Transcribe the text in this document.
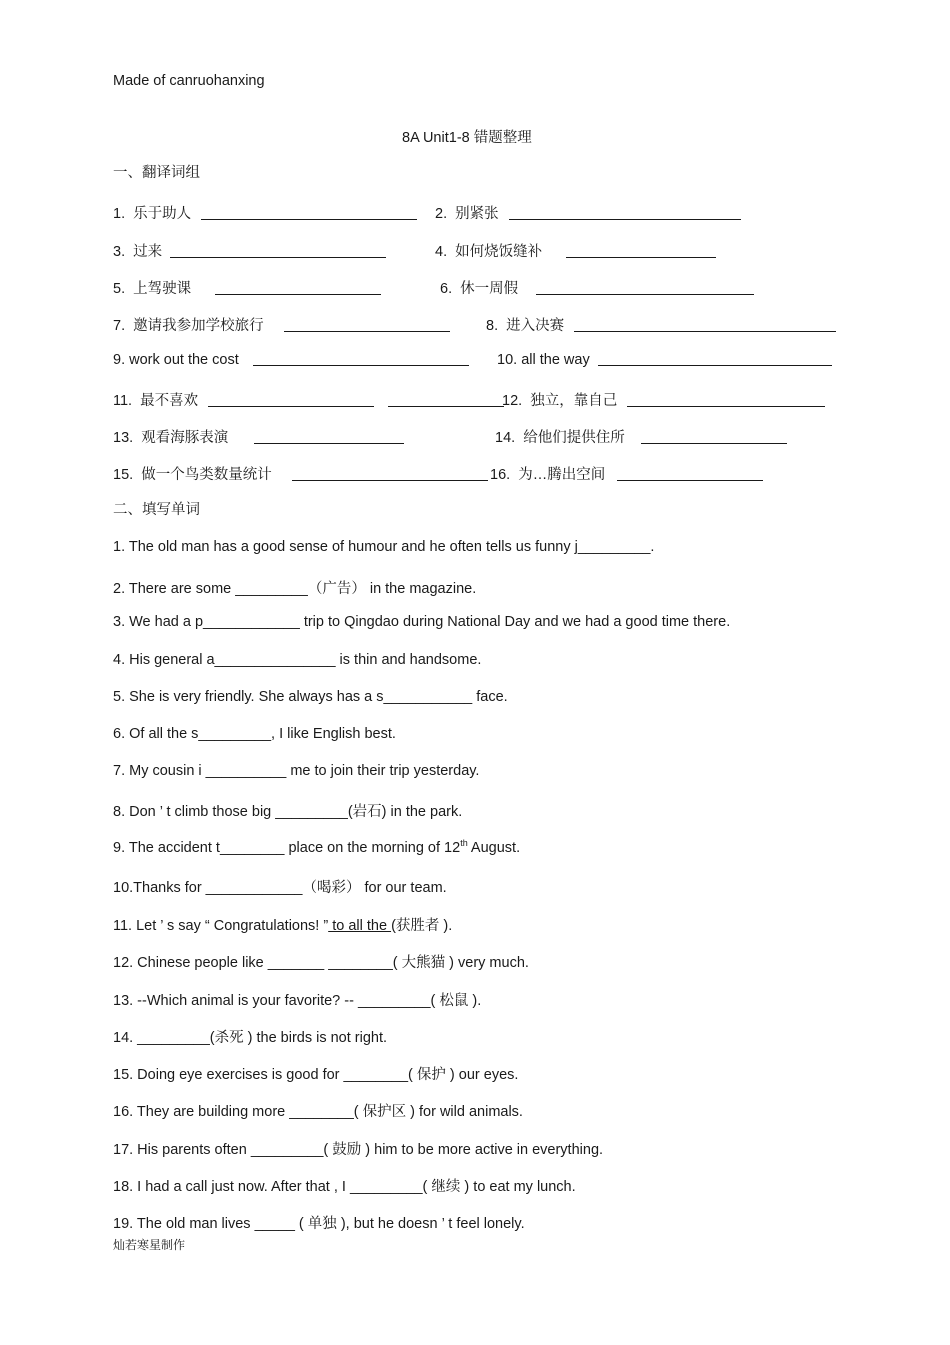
Made of canruohanxing
8A Unit1-8 错题整理
一、翻译词组
1. 乐于助人	2. 别紧张
3. 过来	4. 如何烧饭缝补
5. 上驾驶课	6. 休一周假
7. 邀请我参加学校旅行	8. 进入决赛
9. work out the cost	10. all the way
11. 最不喜欢	12. 独立，靠自己
13. 观看海豚表演	14. 给他们提供住所
15. 做一个鸟类数量统计	16. 为…腾出空间
二、填写单词
1. The old man has a good sense of humour and he often tells us funny j_________.
2. There are some _________（广告） in the magazine.
3. We had a p____________ trip to Qingdao during National Day and we had a good time there.
4. His general a_______________ is thin and handsome.
5. She is very friendly. She always has a s___________ face.
6. Of all the s_________, I like English best.
7. My cousin i __________ me to join their trip yesterday.
8. Don ’ t climb those big _________(岩石) in the park.
9. The accident t________ place on the morning of 12th August.
10.Thanks for ____________（喝彩） for our team.
11. Let ’ s say “ Congratulations! ” to all the (获胜者 ).
12. Chinese people like _______ ________( 大熊猫 ) very much.
13. --Which animal is your favorite? -- _________( 松鼠 ).
14. _________(杀死 ) the birds is not right.
15. Doing eye exercises is good for ________( 保护 ) our eyes.
16. They are building more ________( 保护区 ) for wild animals.
17. His parents often _________( 鼓励 ) him to be more active in everything.
18. I had a call just now. After that , I _________( 继续 ) to eat my lunch.
19. The old man lives _____ ( 单独 ), but he doesn ’ t feel lonely.
灿若寒星制作
